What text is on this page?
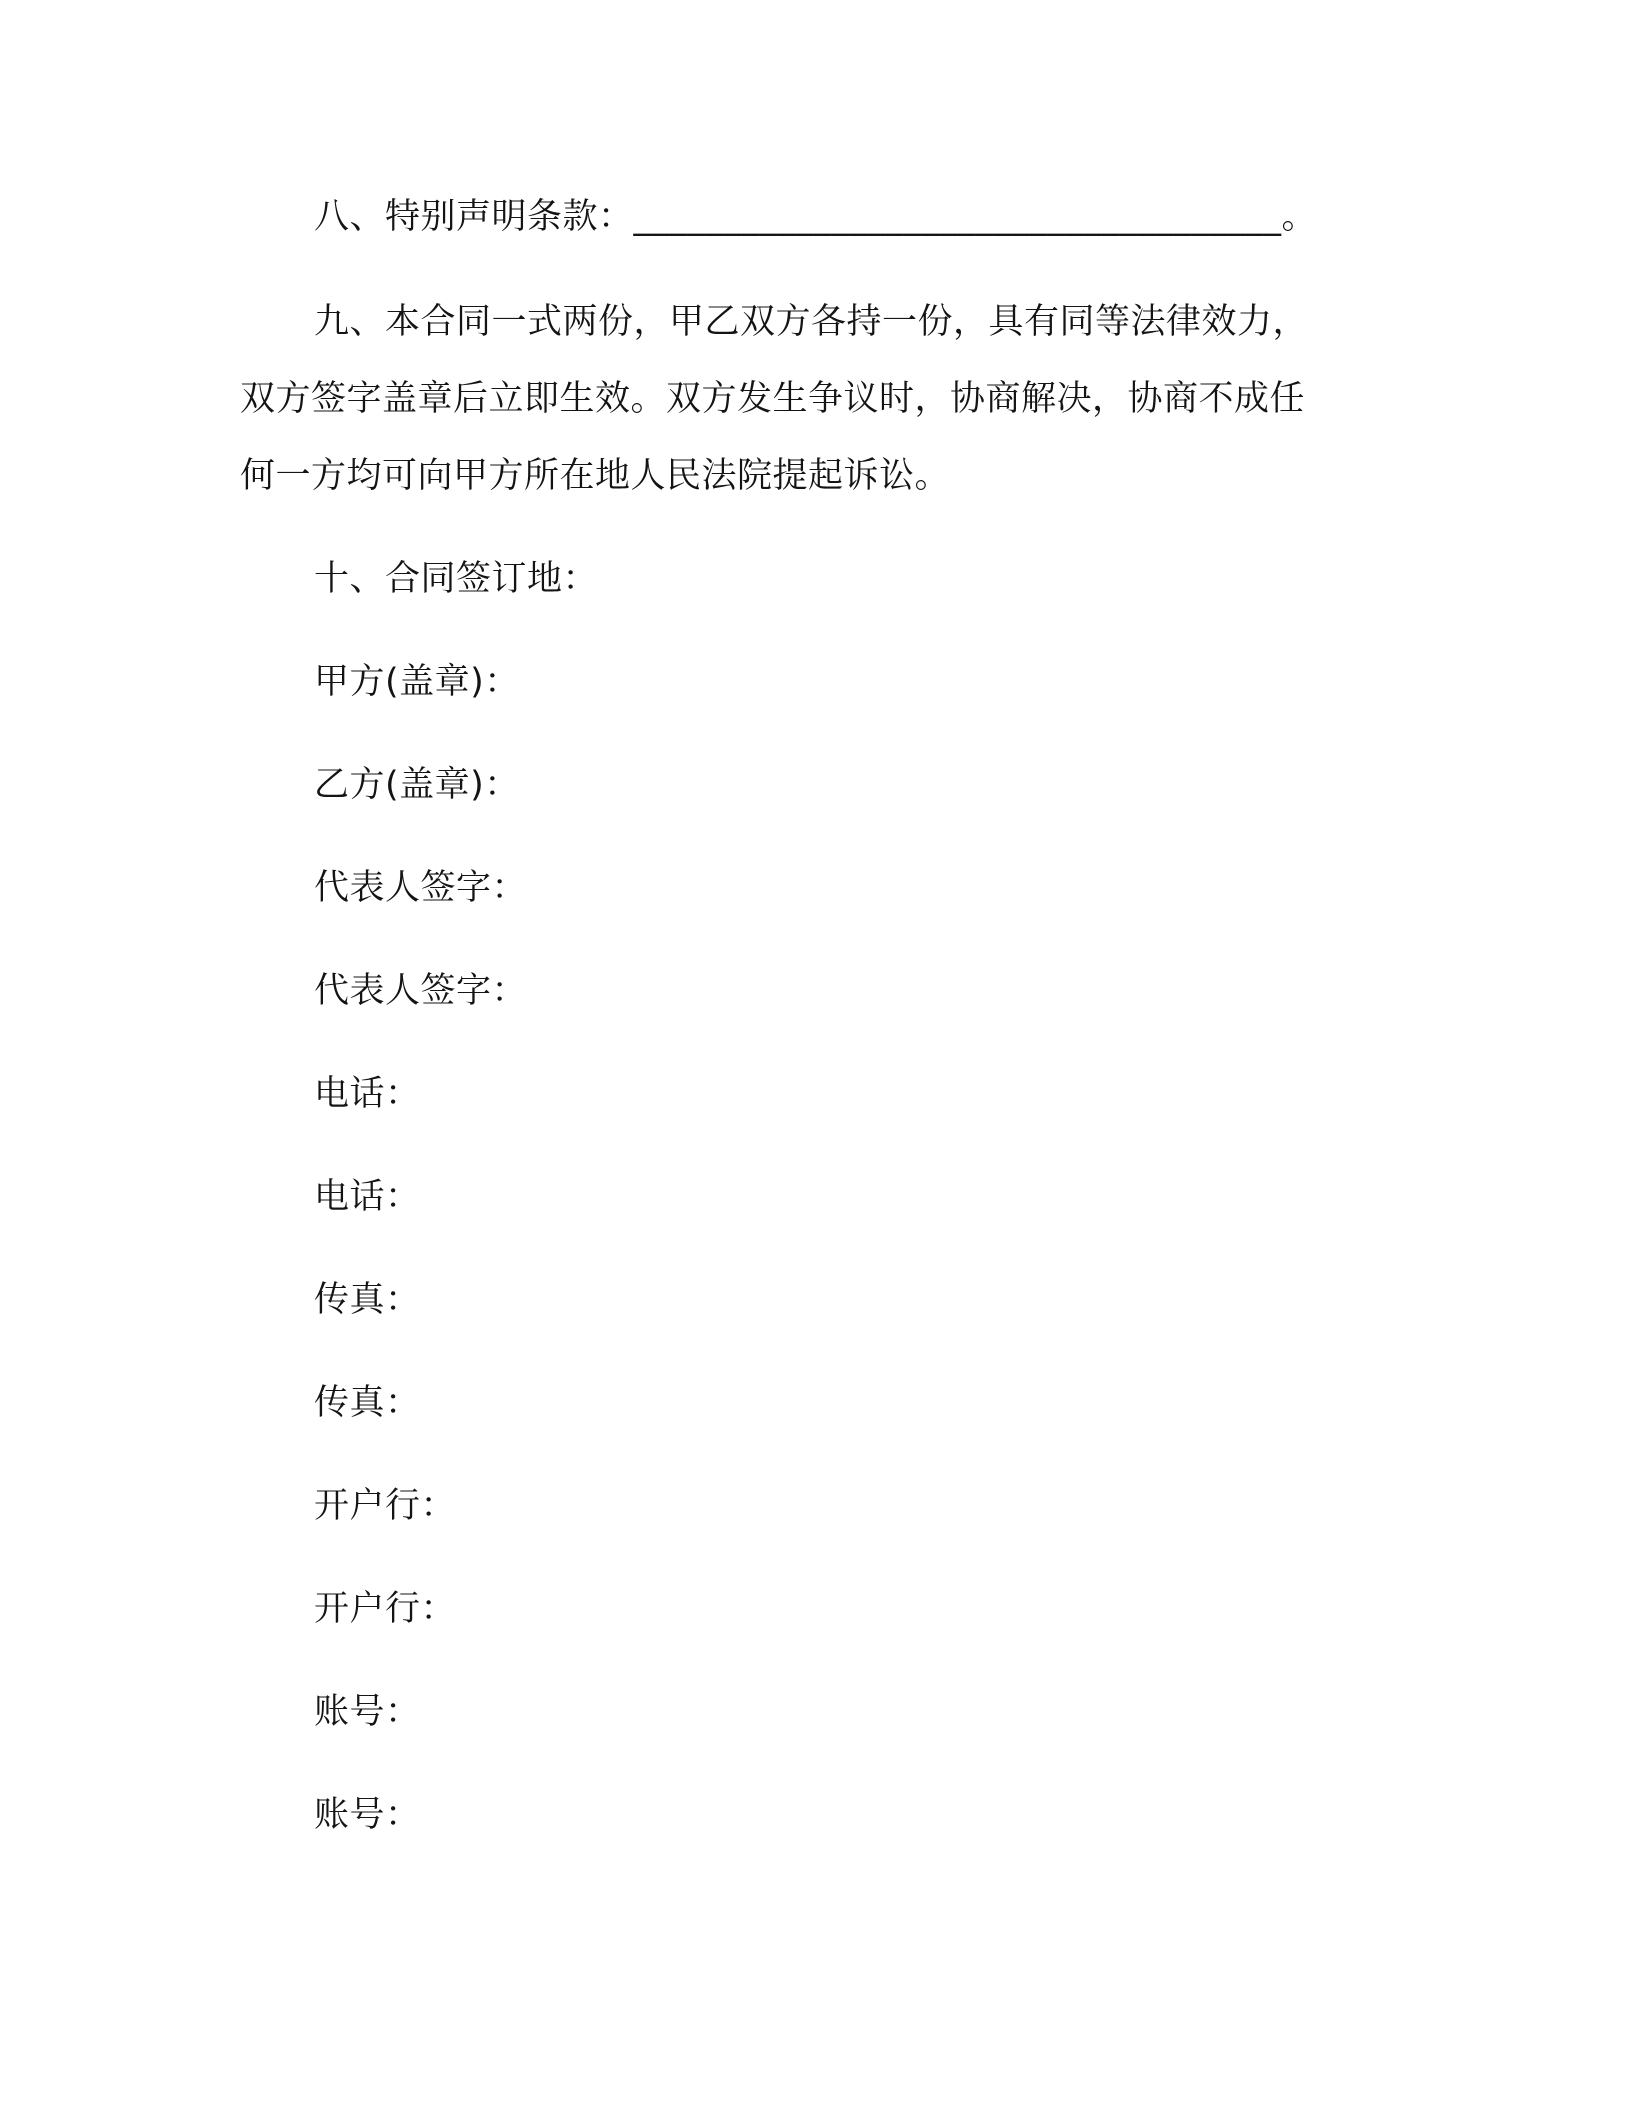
八、特别声明条款：____________________________________。
九、本合同一式两份，甲乙双方各持一份，具有同等法律效力，
双方签字盖章后立即生效。双方发生争议时，协商解决，协商不成任
何一方均可向甲方所在地人民法院提起诉讼。
十、合同签订地：
甲方(盖章)：
乙方(盖章)：
代表人签字：
代表人签字：
电话：
电话：
传真：
传真：
开户行：
开户行：
账号：
账号：
